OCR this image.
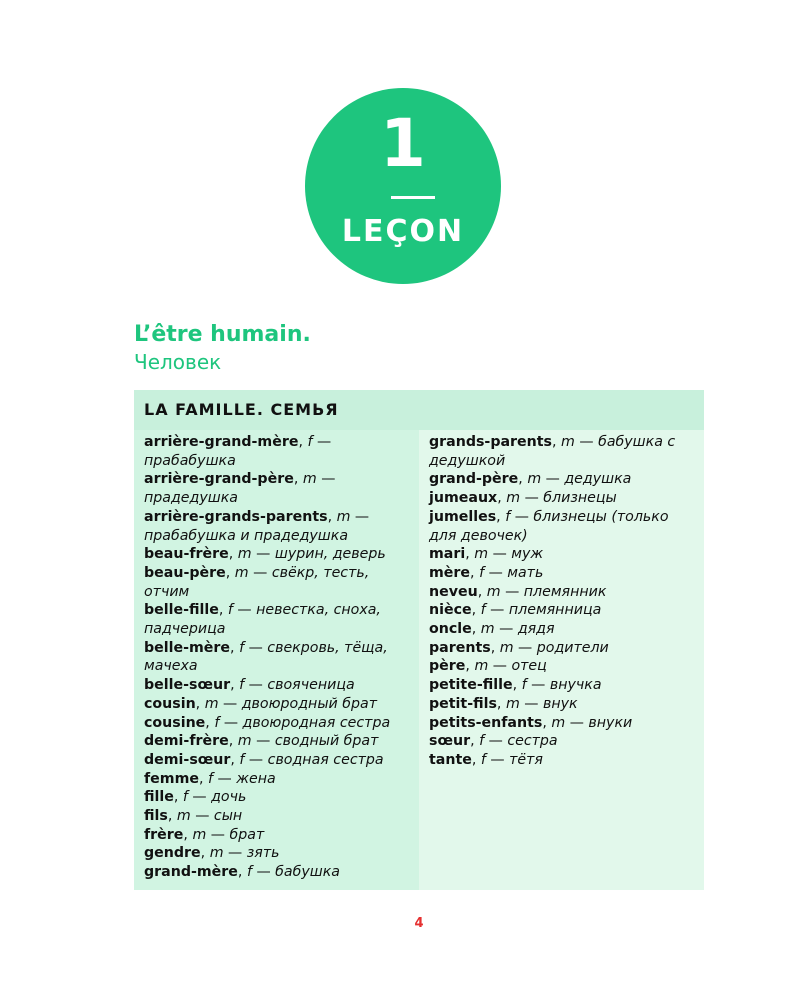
1
LEÇON
L’être humain.
Человек
LA FAMILLE. СЕМЬЯ
arrière-grand-mère, f — прабабушка
arrière-grand-père, m — прадедушка
arrière-grands-parents, m — прабабушка и прадедушка
beau-frère, m — шурин, деверь
beau-père, m — свёкр, тесть, отчим
belle-fille, f — невестка, сноха, падчерица
belle-mère, f — свекровь, тёща, мачеха
belle-sœur, f — свояченица
cousin, m — двоюродный брат
cousine, f — двоюродная сестра
demi-frère, m — сводный брат
demi-sœur, f — сводная сестра
femme, f — жена
fille, f — дочь
fils, m — сын
frère, m — брат
gendre, m — зять
grand-mère, f — бабушка
grands-parents, m — бабушка с дедушкой
grand-père, m — дедушка
jumeaux, m — близнецы
jumelles, f — близнецы (только для девочек)
mari, m — муж
mère, f — мать
neveu, m — племянник
nièce, f — племянница
oncle, m — дядя
parents, m — родители
père, m — отец
petite-fille, f — внучка
petit-fils, m — внук
petits-enfants, m — внуки
sœur, f — сестра
tante, f — тётя
4
